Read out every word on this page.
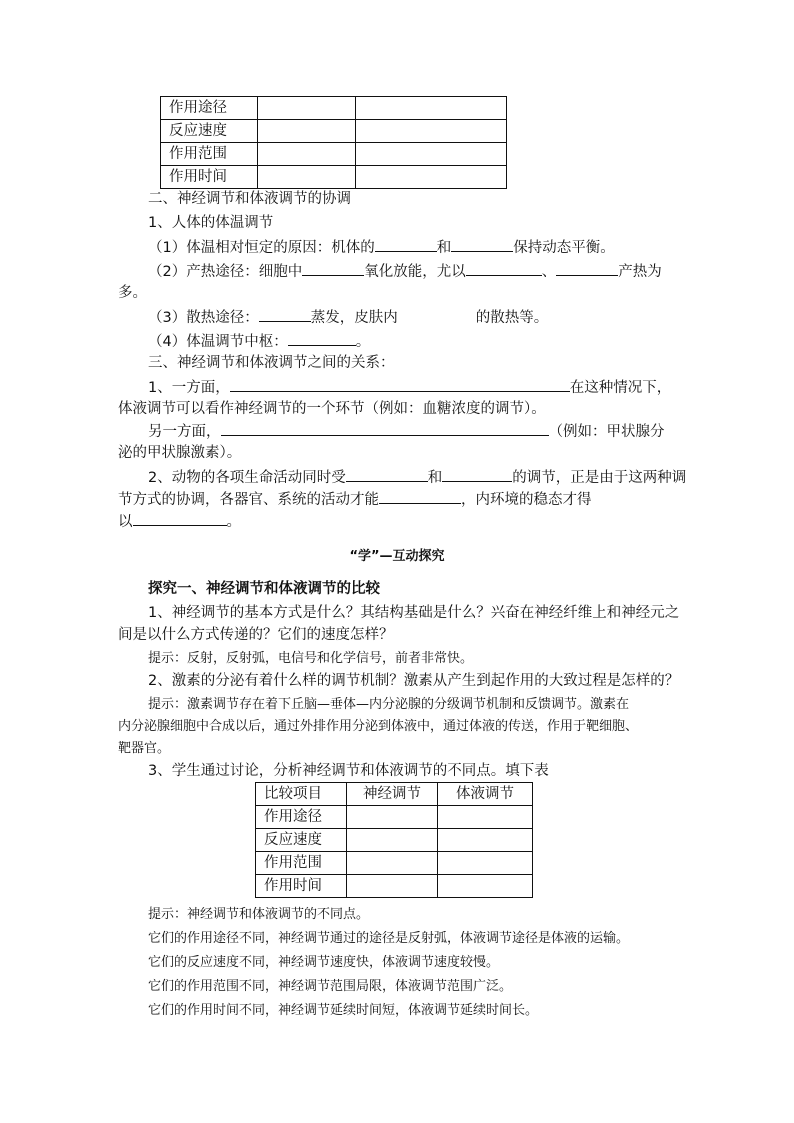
作用途径		
反应速度		
作用范围		
作用时间		
二、神经调节和体液调节的协调
1、人体的体温调节
（1）体温相对恒定的原因：机体的	和	保持动态平衡。
（2）产热途径：细胞中	氧化放能，尤以	、	产热为
多。
（3）散热途径：	蒸发，皮肤内	的散热等。
（4）体温调节中枢：	。
三、神经调节和体液调节之间的关系：
1、一方面，	在这种情况下，
体液调节可以看作神经调节的一个环节（例如：血糖浓度的调节）。
另一方面，	（例如：甲状腺分
泌的甲状腺激素）。
2、动物的各项生命活动同时受	和	的调节，正是由于这两种调
节方式的协调，各器官、系统的活动才能	，内环境的稳态才得
以	。
“学”—互动探究
探究一、神经调节和体液调节的比较
1、神经调节的基本方式是什么？其结构基础是什么？兴奋在神经纤维上和神经元之
间是以什么方式传递的？它们的速度怎样？
提示：反射，反射弧，电信号和化学信号，前者非常快。
2、激素的分泌有着什么样的调节机制？激素从产生到起作用的大致过程是怎样的？
提示：激素调节存在着下丘脑—垂体—内分泌腺的分级调节机制和反馈调节。激素在
内分泌腺细胞中合成以后，通过外排作用分泌到体液中，通过体液的传送，作用于靶细胞、
靶器官。
3、学生通过讨论，分析神经调节和体液调节的不同点。填下表
比较项目	神经调节	体液调节
作用途径		
反应速度		
作用范围		
作用时间		
提示：神经调节和体液调节的不同点。
它们的作用途径不同，神经调节通过的途径是反射弧，体液调节途径是体液的运输。
它们的反应速度不同，神经调节速度快，体液调节速度较慢。
它们的作用范围不同，神经调节范围局限，体液调节范围广泛。
它们的作用时间不同，神经调节延续时间短，体液调节延续时间长。
